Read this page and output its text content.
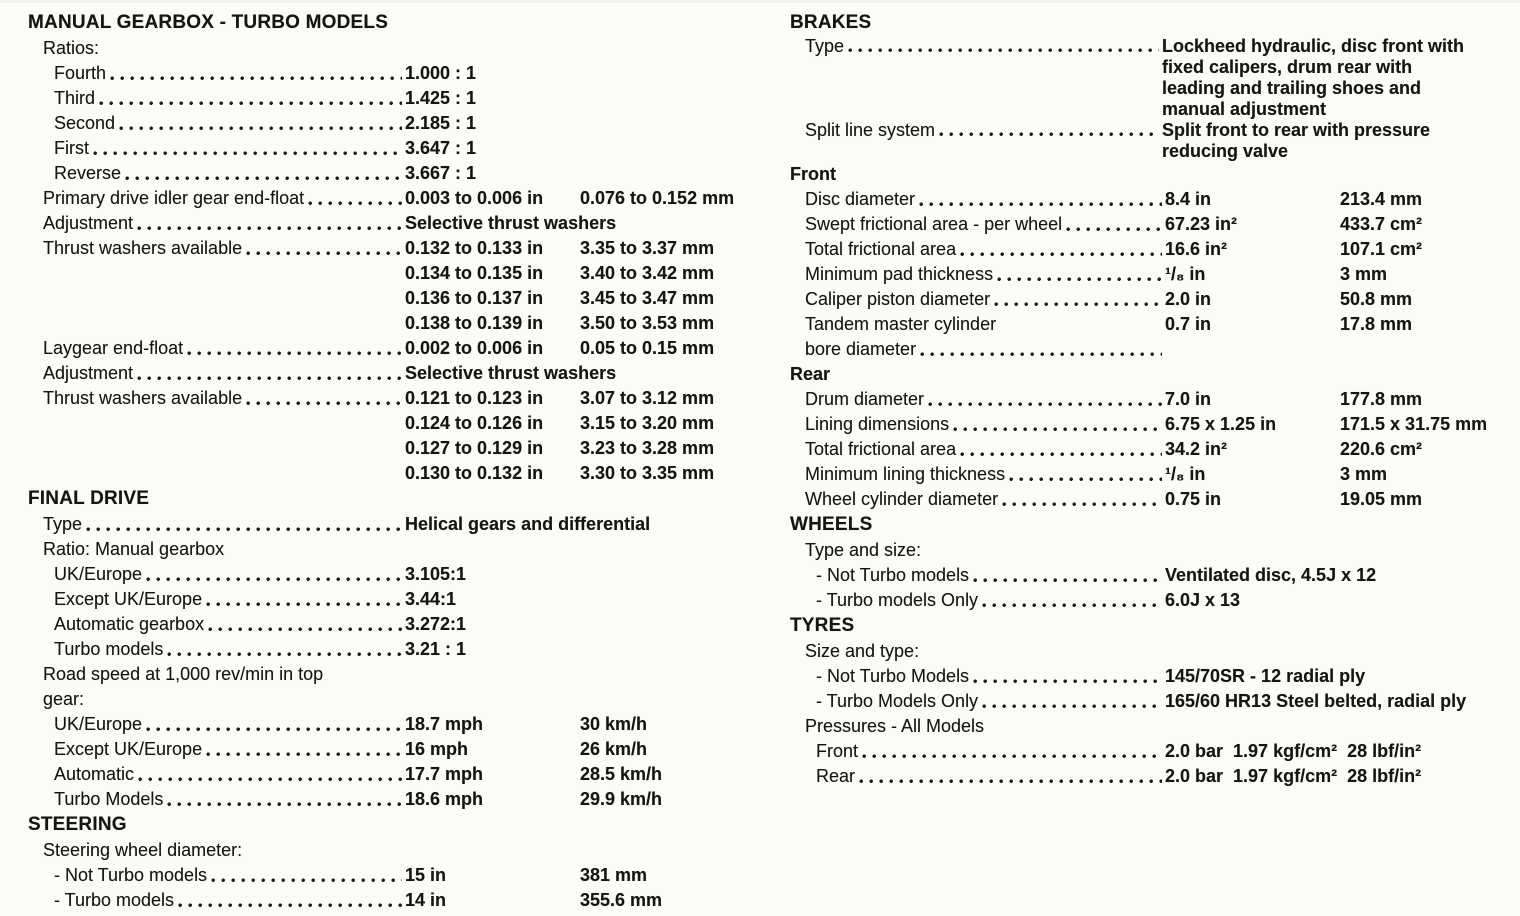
MANUAL GEARBOX - TURBO MODELS
Ratios:
Fourth	1.000 : 1
Third	1.425 : 1
Second	2.185 : 1
First	3.647 : 1
Reverse	3.667 : 1
Primary drive idler gear end-float	0.003 to 0.006 in	0.076 to 0.152 mm
Adjustment	Selective thrust washers
Thrust washers available	0.132 to 0.133 in	3.35 to 3.37 mm
0.134 to 0.135 in	3.40 to 3.42 mm
0.136 to 0.137 in	3.45 to 3.47 mm
0.138 to 0.139 in	3.50 to 3.53 mm
Laygear end-float	0.002 to 0.006 in	0.05 to 0.15 mm
Adjustment	Selective thrust washers
Thrust washers available	0.121 to 0.123 in	3.07 to 3.12 mm
0.124 to 0.126 in	3.15 to 3.20 mm
0.127 to 0.129 in	3.23 to 3.28 mm
0.130 to 0.132 in	3.30 to 3.35 mm
FINAL DRIVE
Type	Helical gears and differential
Ratio: Manual gearbox
UK/Europe	3.105:1
Except UK/Europe	3.44:1
Automatic gearbox	3.272:1
Turbo models	3.21 : 1
Road speed at 1,000 rev/min in top
gear:
UK/Europe	18.7 mph	30 km/h
Except UK/Europe	16 mph	26 km/h
Automatic	17.7 mph	28.5 km/h
Turbo Models	18.6 mph	29.9 km/h
STEERING
Steering wheel diameter:
- Not Turbo models	15 in	381 mm
- Turbo models	14 in	355.6 mm
BRAKES
Type	Lockheed hydraulic, disc front with fixed calipers, drum rear with leading and trailing shoes and manual adjustment
Split line system	Split front to rear with pressure reducing valve
Front
Disc diameter	8.4 in	213.4 mm
Swept frictional area - per wheel	67.23 in²	433.7 cm²
Total frictional area	16.6 in²	107.1 cm²
Minimum pad thickness	¹/₈ in	3 mm
Caliper piston diameter	2.0 in	50.8 mm
Tandem master cylinder	0.7 in	17.8 mm
bore diameter
Rear
Drum diameter	7.0 in	177.8 mm
Lining dimensions	6.75 x 1.25 in	171.5 x 31.75 mm
Total frictional area	34.2 in²	220.6 cm²
Minimum lining thickness	¹/₈ in	3 mm
Wheel cylinder diameter	0.75 in	19.05 mm
WHEELS
Type and size:
- Not Turbo models	Ventilated disc, 4.5J x 12
- Turbo models Only	6.0J x 13
TYRES
Size and type:
- Not Turbo Models	145/70SR - 12 radial ply
- Turbo Models Only	165/60 HR13 Steel belted, radial ply
Pressures - All Models
Front	2.0 bar  1.97 kgf/cm²  28 lbf/in²
Rear	2.0 bar  1.97 kgf/cm²  28 lbf/in²
